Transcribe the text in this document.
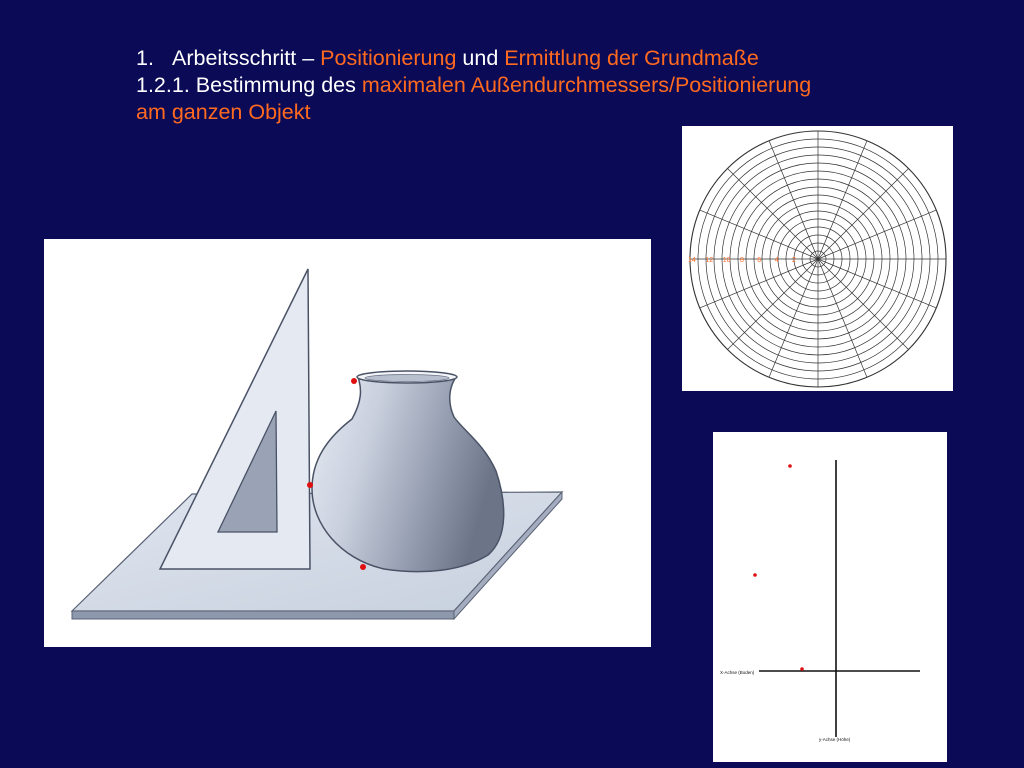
1. Arbeitsschritt – Positionierung und Ermittlung der Grundmaße
1.2.1. Bestimmung des maximalen Außendurchmessers/Positionierung
am ganzen Objekt
14 12 10 8 6 4 2
X-Achse (Boden)
y-Achse (Höhe)
